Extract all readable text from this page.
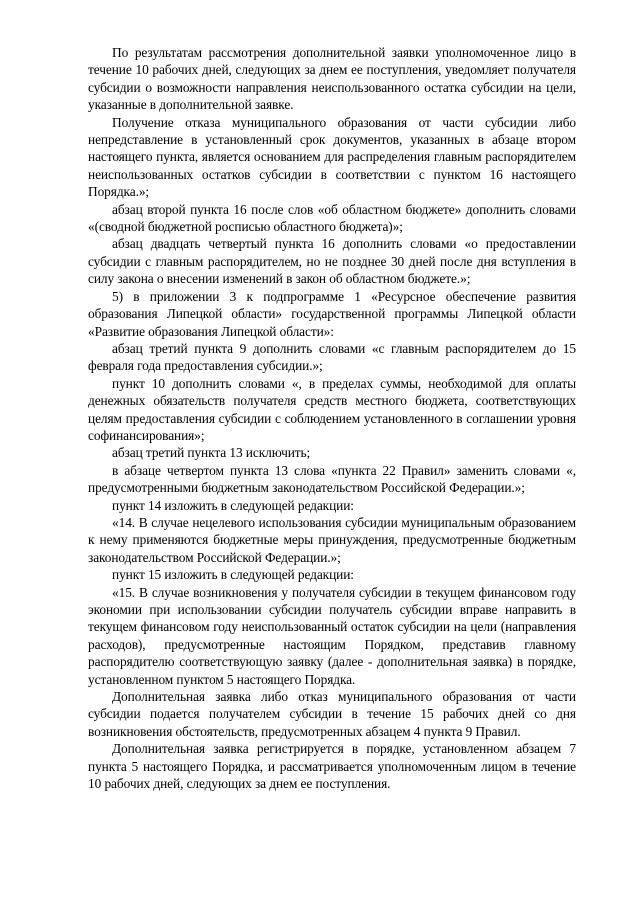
По результатам рассмотрения дополнительной заявки уполномоченное лицо в течение 10 рабочих дней, следующих за днем ее поступления, уведомляет получателя субсидии о возможности направления неиспользованного остатка субсидии на цели, указанные в дополнительной заявке.

Получение отказа муниципального образования от части субсидии либо непредставление в установленный срок документов, указанных в абзаце втором настоящего пункта, является основанием для распределения главным распорядителем неиспользованных остатков субсидии в соответствии с пунктом 16 настоящего Порядка.»;

абзац второй пункта 16 после слов «об областном бюджете» дополнить словами «(сводной бюджетной росписью областного бюджета)»;

абзац двадцать четвертый пункта 16 дополнить словами «о предоставлении субсидии с главным распорядителем, но не позднее 30 дней после дня вступления в силу закона о внесении изменений в закон об областном бюджете.»;

5) в приложении 3 к подпрограмме 1 «Ресурсное обеспечение развития образования Липецкой области» государственной программы Липецкой области «Развитие образования Липецкой области»:

абзац третий пункта 9 дополнить словами «с главным распорядителем до 15 февраля года предоставления субсидии.»;

пункт 10 дополнить словами «, в пределах суммы, необходимой для оплаты денежных обязательств получателя средств местного бюджета, соответствующих целям предоставления субсидии с соблюдением установленного в соглашении уровня софинансирования»;

абзац третий пункта 13 исключить;

в абзаце четвертом пункта 13 слова «пункта 22 Правил» заменить словами «, предусмотренными бюджетным законодательством Российской Федерации.»;

пункт 14 изложить в следующей редакции:

«14. В случае нецелевого использования субсидии муниципальным образованием к нему применяются бюджетные меры принуждения, предусмотренные бюджетным законодательством Российской Федерации.»;

пункт 15 изложить в следующей редакции:

«15. В случае возникновения у получателя субсидии в текущем финансовом году экономии при использовании субсидии получатель субсидии вправе направить в текущем финансовом году неиспользованный остаток субсидии на цели (направления расходов), предусмотренные настоящим Порядком, представив главному распорядителю соответствующую заявку (далее - дополнительная заявка) в порядке, установленном пунктом 5 настоящего Порядка.

Дополнительная заявка либо отказ муниципального образования от части субсидии подается получателем субсидии в течение 15 рабочих дней со дня возникновения обстоятельств, предусмотренных абзацем 4 пункта 9 Правил.

Дополнительная заявка регистрируется в порядке, установленном абзацем 7 пункта 5 настоящего Порядка, и рассматривается уполномоченным лицом в течение 10 рабочих дней, следующих за днем ее поступления.
